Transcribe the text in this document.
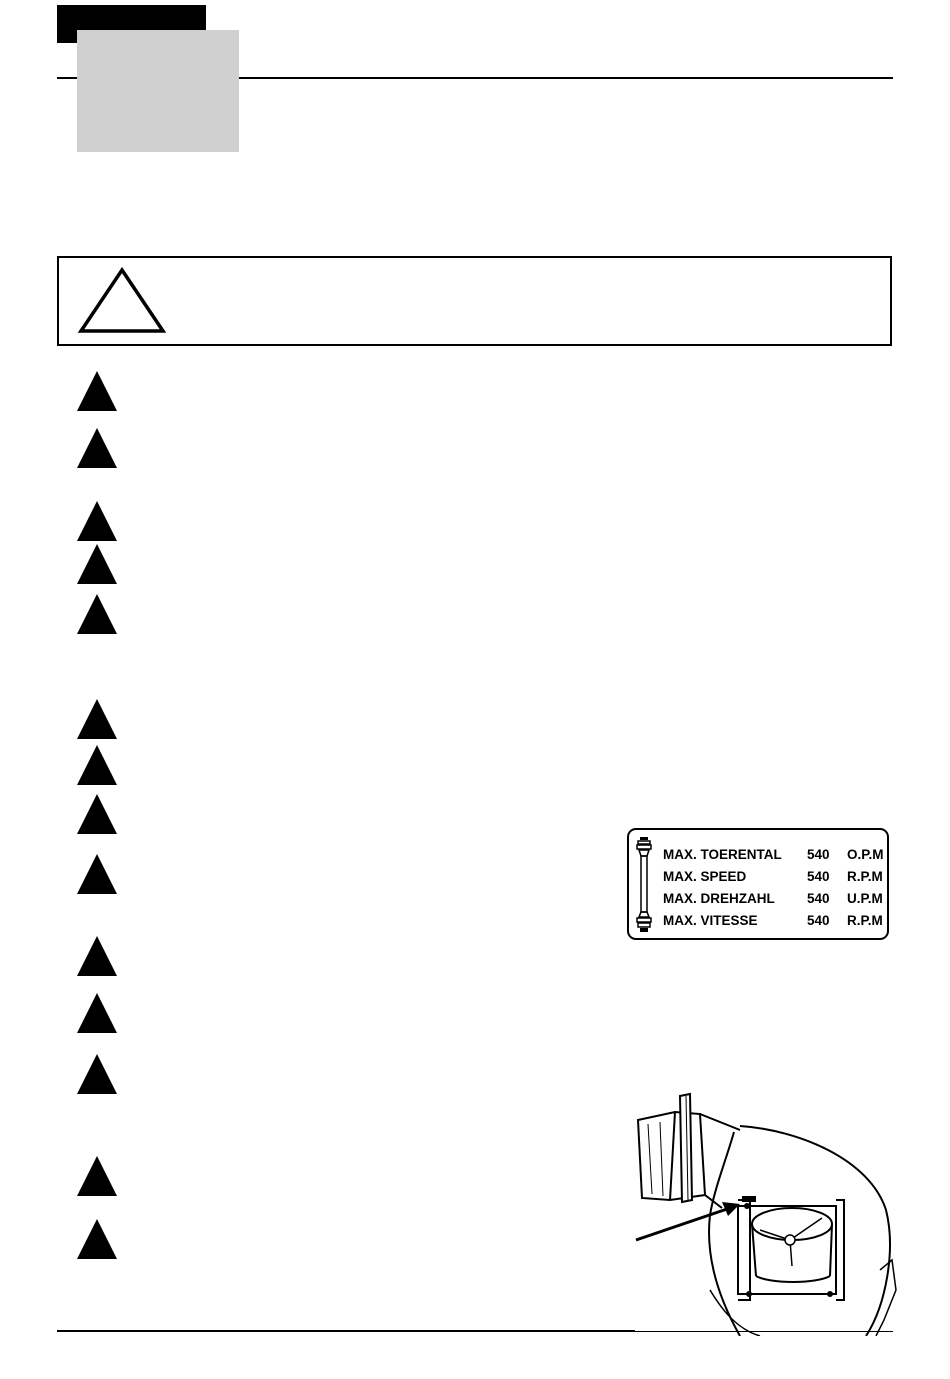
MAX. TOERENTAL 540 O.P.M
MAX. SPEED	540 R.P.M
MAX. DREHZAHL 540 U.P.M
MAX. VITESSE	540 R.P.M
